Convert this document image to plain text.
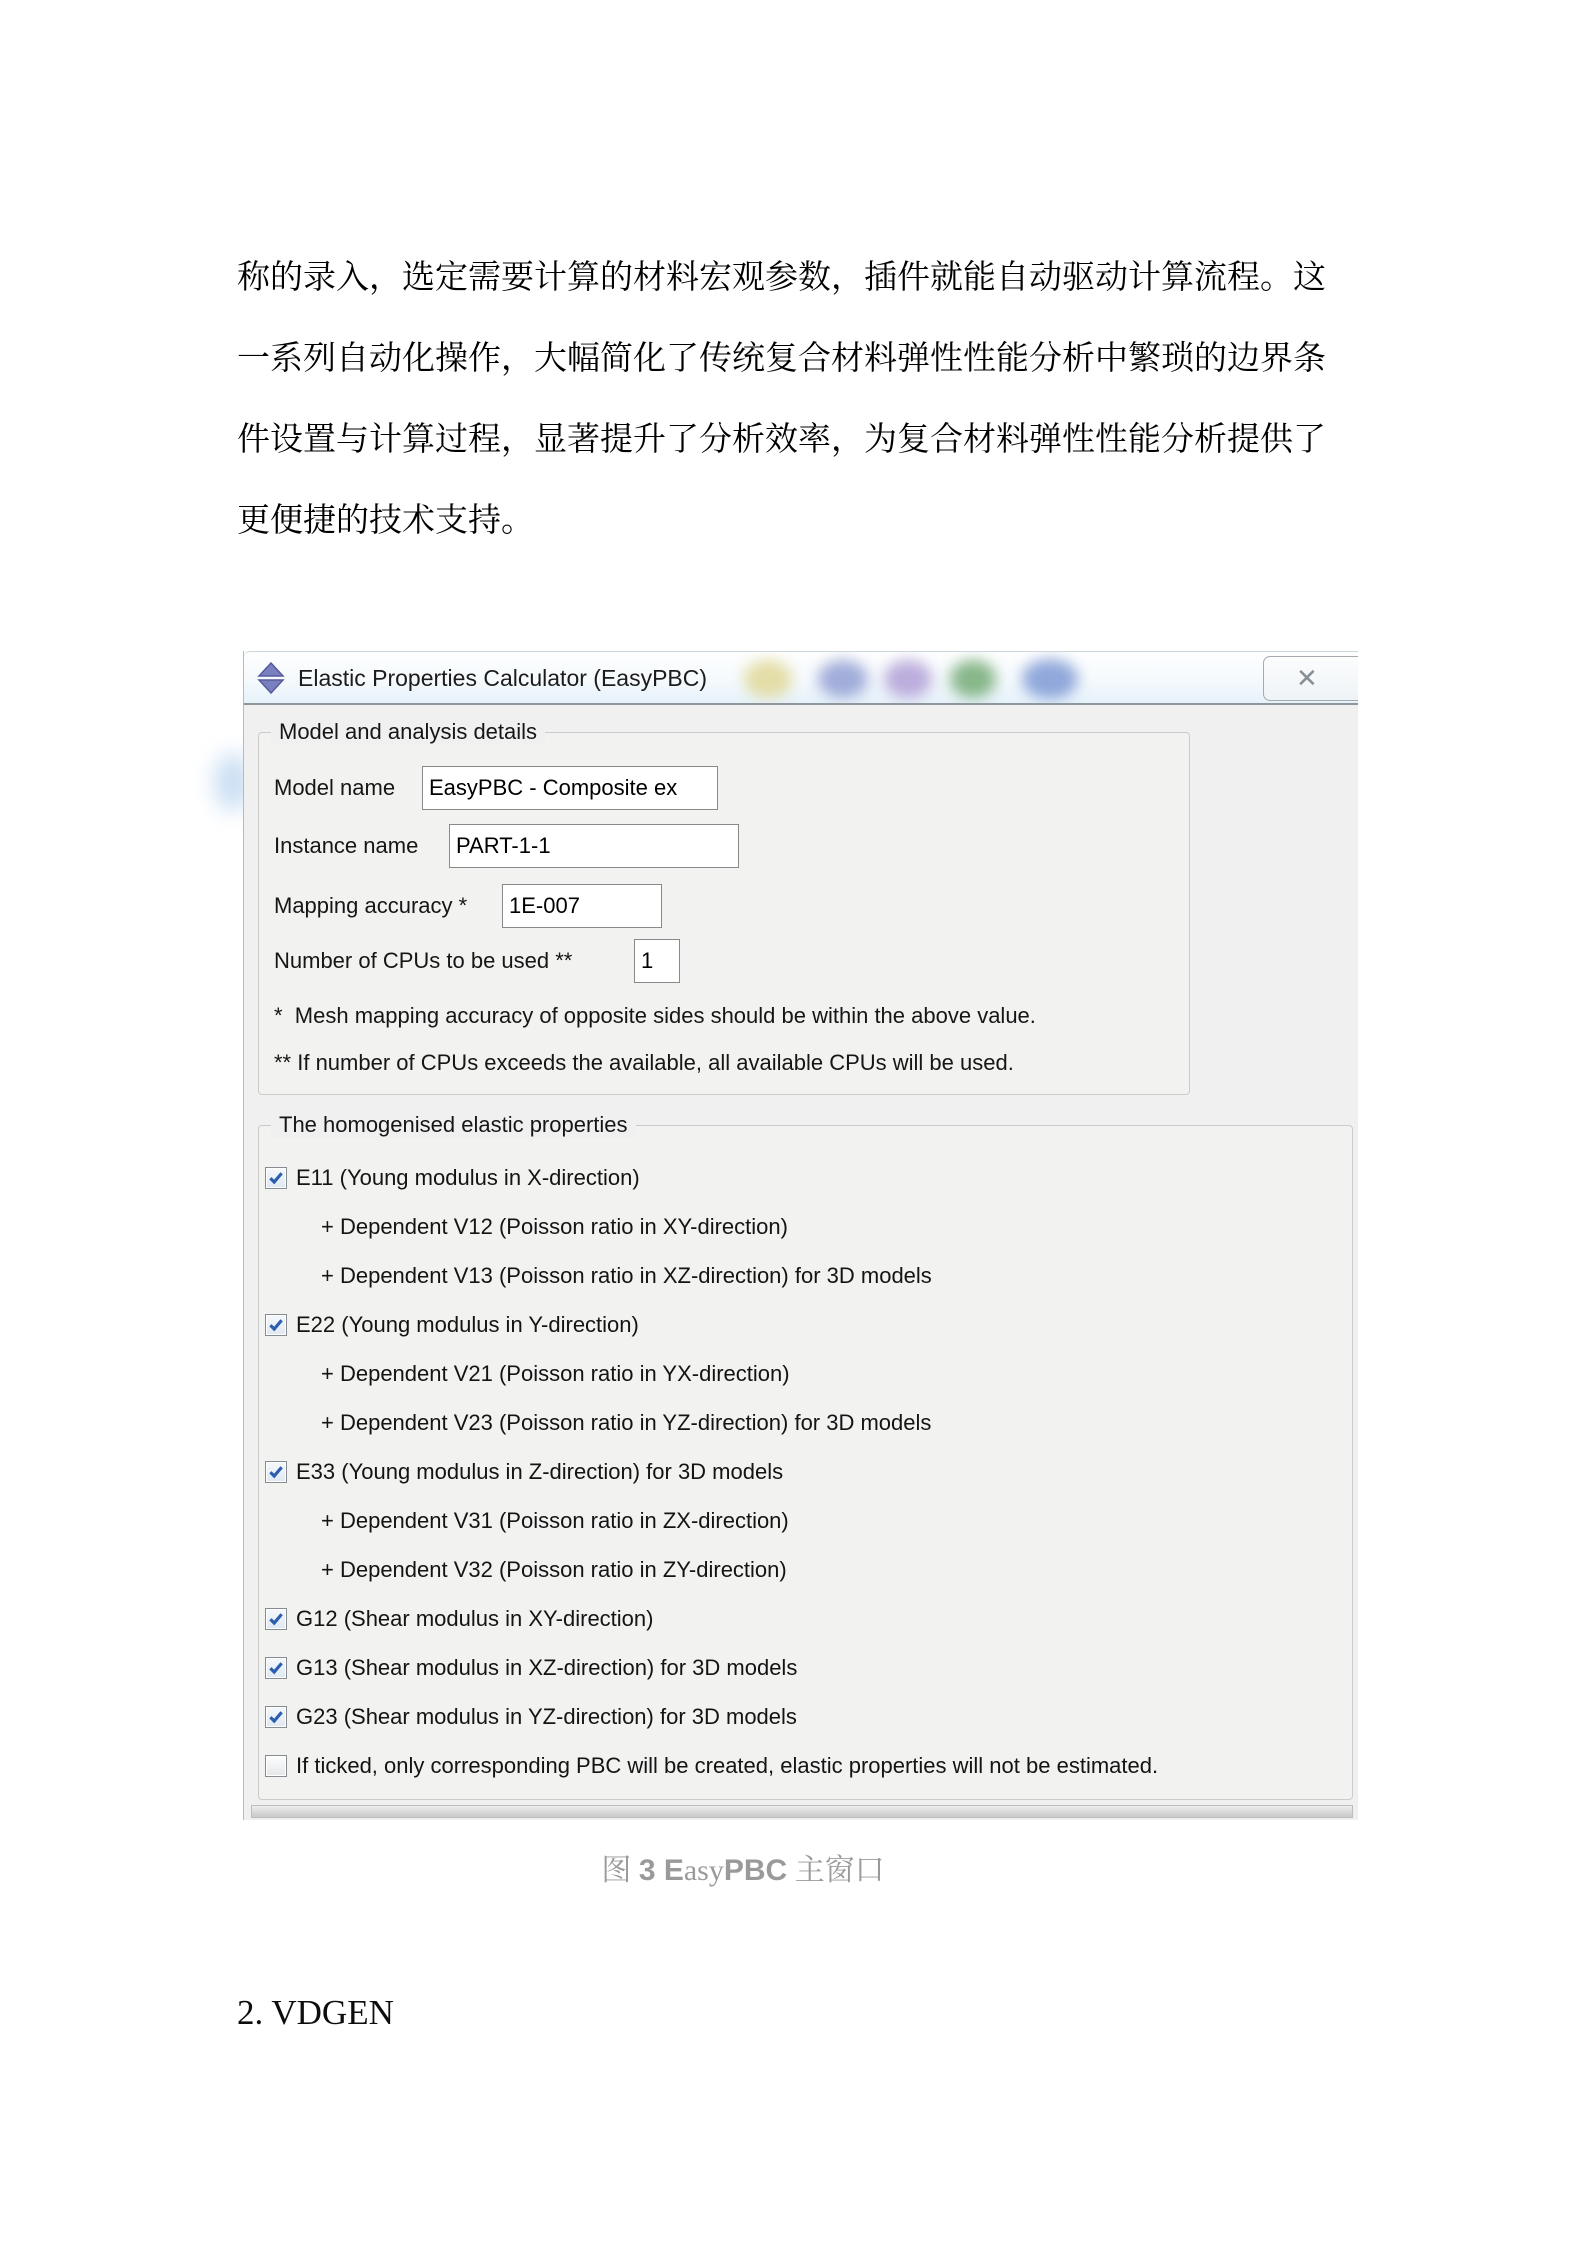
称的录入，选定需要计算的材料宏观参数，插件就能自动驱动计算流程。这
一系列自动化操作，大幅简化了传统复合材料弹性性能分析中繁琐的边界条
件设置与计算过程，显著提升了分析效率，为复合材料弹性性能分析提供了
更便捷的技术支持。
Elastic Properties Calculator (EasyPBC)	✕
Model and analysis details
Model name	EasyPBC - Composite ex
Instance name	PART-1-1
Mapping accuracy *	1E-007
Number of CPUs to be used **	1
*  Mesh mapping accuracy of opposite sides should be within the above value.
** If number of CPUs exceeds the available, all available CPUs will be used.
The homogenised elastic properties
E11 (Young modulus in X-direction)
+ Dependent V12 (Poisson ratio in XY-direction)
+ Dependent V13 (Poisson ratio in XZ-direction) for 3D models
E22 (Young modulus in Y-direction)
+ Dependent V21 (Poisson ratio in YX-direction)
+ Dependent V23 (Poisson ratio in YZ-direction) for 3D models
E33 (Young modulus in Z-direction) for 3D models
+ Dependent V31 (Poisson ratio in ZX-direction)
+ Dependent V32 (Poisson ratio in ZY-direction)
G12 (Shear modulus in XY-direction)
G13 (Shear modulus in XZ-direction) for 3D models
G23 (Shear modulus in YZ-direction) for 3D models
If ticked, only corresponding PBC will be created, elastic properties will not be estimated.
图 3 EasyPBC 主窗口
2. VDGEN
